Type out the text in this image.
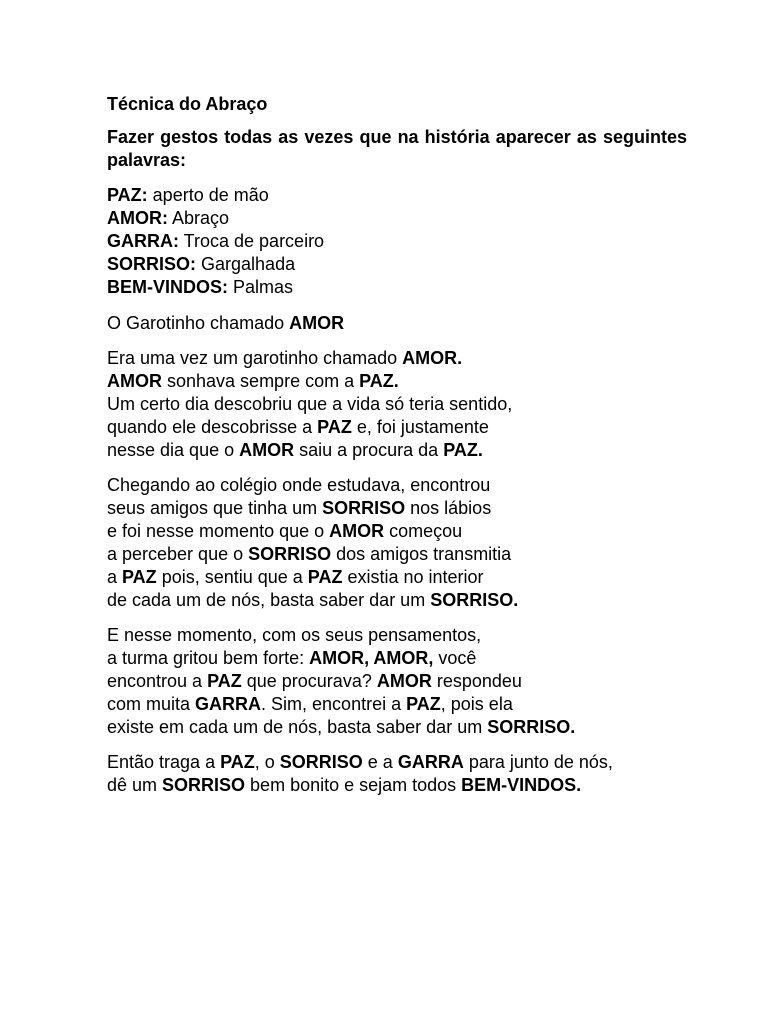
Técnica do Abraço
Fazer gestos todas as vezes que na história aparecer as seguintes palavras:
PAZ: aperto de mão
AMOR: Abraço
GARRA: Troca de parceiro
SORRISO: Gargalhada
BEM-VINDOS: Palmas
O Garotinho chamado AMOR
Era uma vez um garotinho chamado AMOR.
AMOR sonhava sempre com a PAZ.
Um certo dia descobriu que a vida só teria sentido,
quando ele descobrisse a PAZ e, foi justamente
nesse dia que o AMOR saiu a procura da PAZ.
Chegando ao colégio onde estudava, encontrou
seus amigos que tinha um SORRISO nos lábios
e foi nesse momento que o AMOR começou
a perceber que o SORRISO dos amigos transmitia
a PAZ pois, sentiu que a PAZ existia no interior
de cada um de nós, basta saber dar um SORRISO.
E nesse momento, com os seus pensamentos,
a turma gritou bem forte: AMOR, AMOR, você
encontrou a PAZ que procurava? AMOR respondeu
com muita GARRA. Sim, encontrei a PAZ, pois ela
existe em cada um de nós, basta saber dar um SORRISO.
Então traga a PAZ, o SORRISO e a GARRA para junto de nós,
dê um SORRISO bem bonito e sejam todos BEM-VINDOS.
